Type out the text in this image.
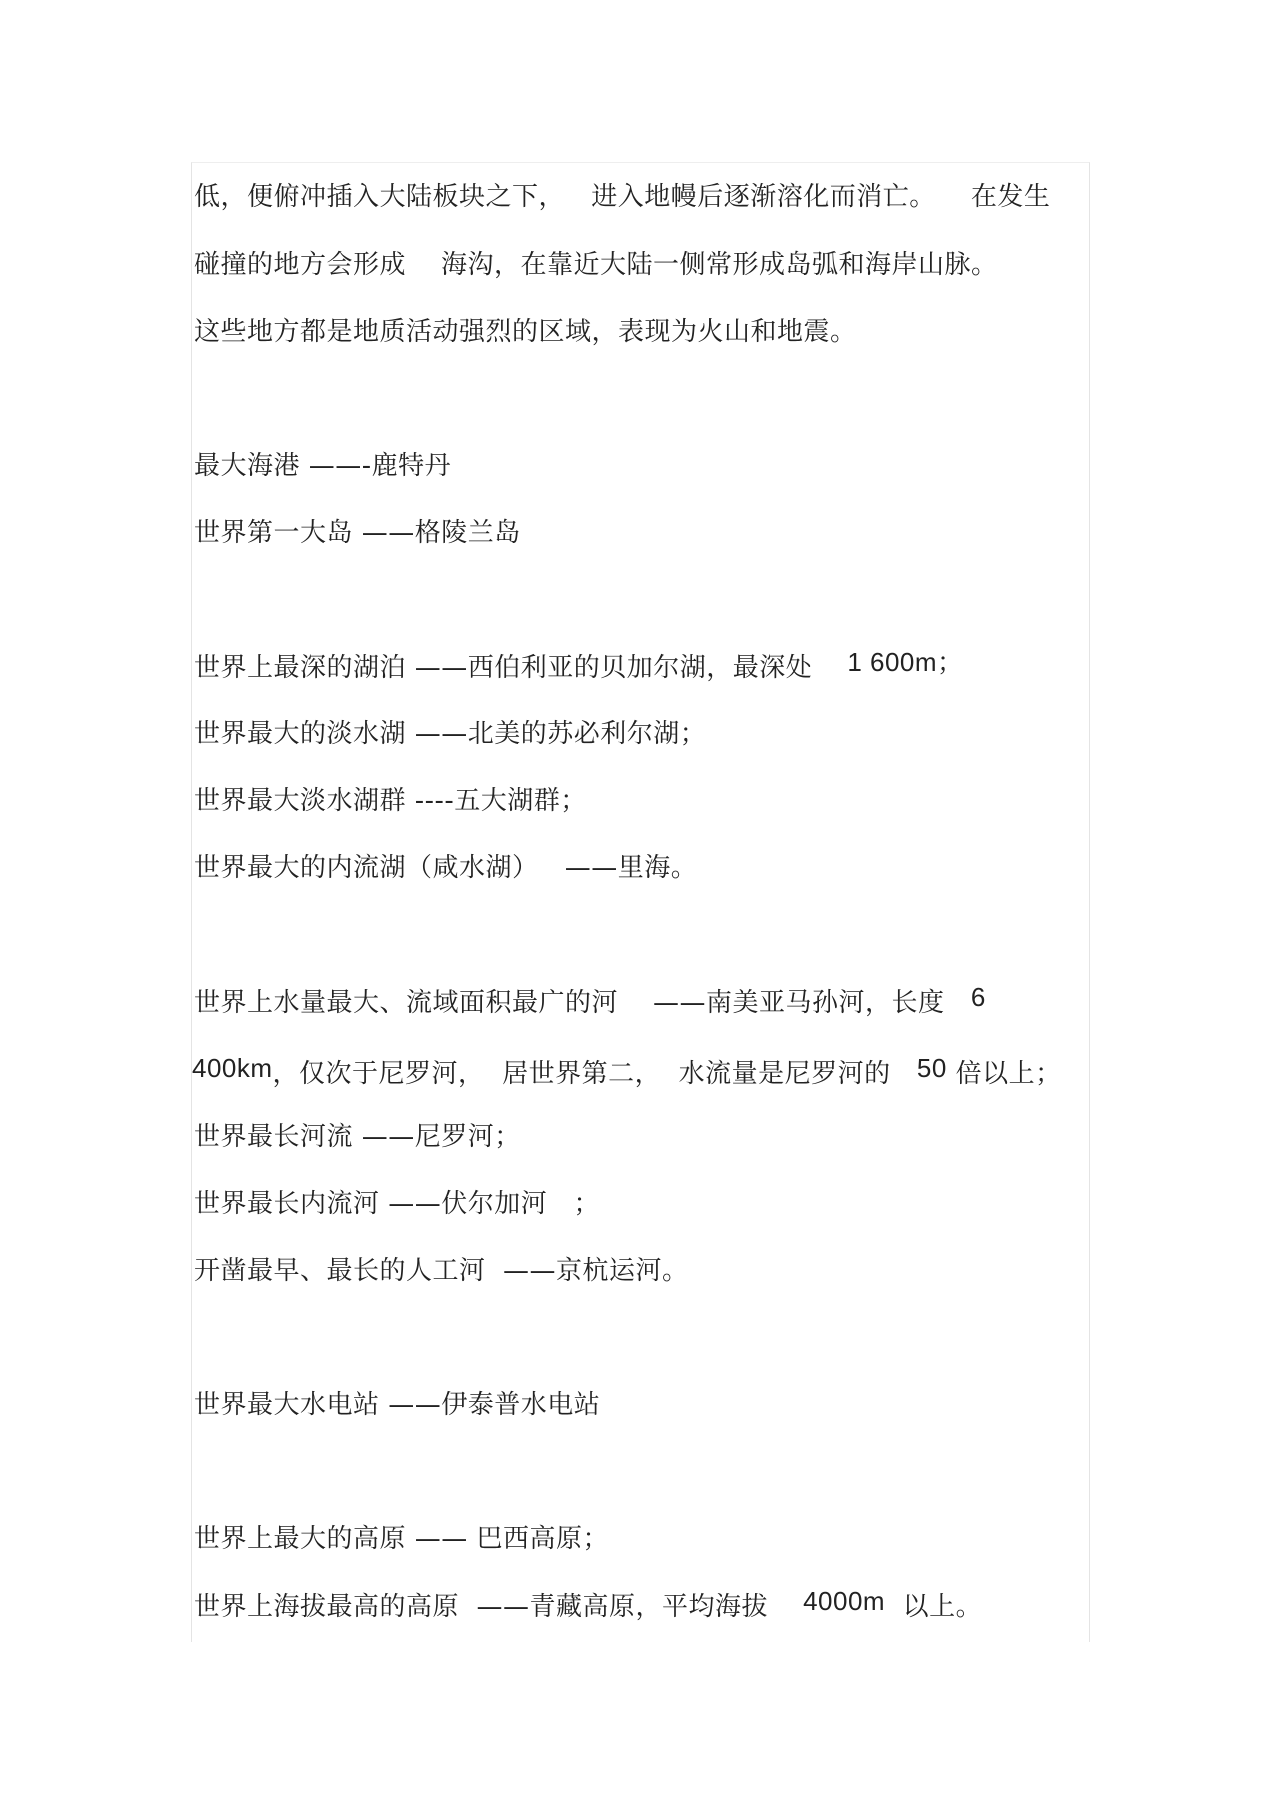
低，便俯冲插入大陆板块之下，   进入地幔后逐渐溶化而消亡。    在发生
碰撞的地方会形成    海沟，在靠近大陆一侧常形成岛弧和海岸山脉。
这些地方都是地质活动强烈的区域，表现为火山和地震。
最大海港 ——-鹿特丹
世界第一大岛 ——格陵兰岛
世界上最深的湖泊 ——西伯利亚的贝加尔湖，最深处    1 600m；
世界最大的淡水湖 ——北美的苏必利尔湖；
世界最大淡水湖群 ----五大湖群；
世界最大的内流湖（咸水湖）   ——里海。
世界上水量最大、流域面积最广的河    ——南美亚马孙河，长度   6
400km，仅次于尼罗河，  居世界第二，  水流量是尼罗河的   50 倍以上；
世界最长河流 ——尼罗河；
世界最长内流河 ——伏尔加河   ；
开凿最早、最长的人工河  ——京杭运河。
世界最大水电站 ——伊泰普水电站
世界上最大的高原 —— 巴西高原；
世界上海拔最高的高原  ——青藏高原，平均海拔    4000m  以上。
